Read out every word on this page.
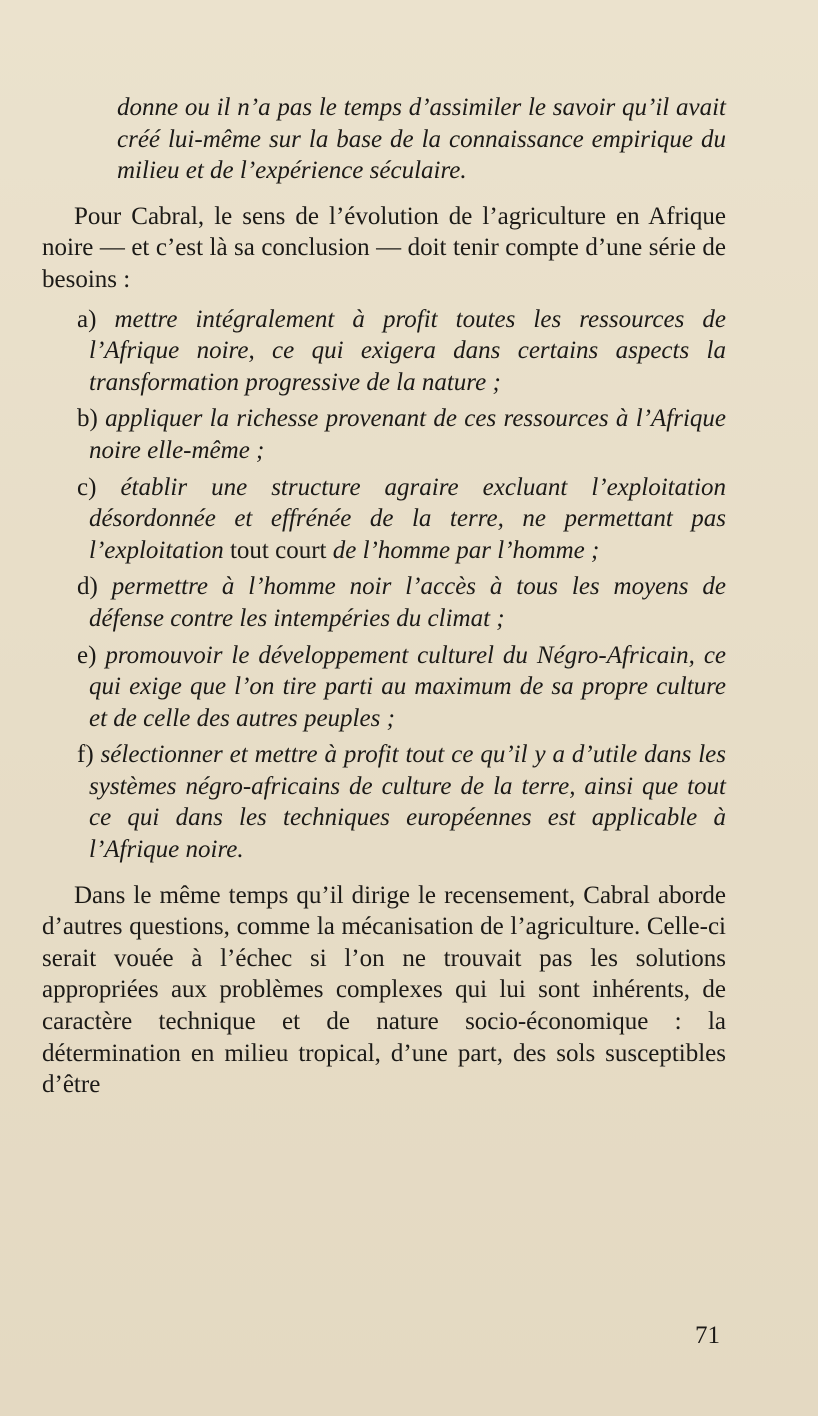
donne ou il n’a pas le temps d’assimiler le savoir qu’il avait créé lui-même sur la base de la connaissance empirique du milieu et de l’expérience séculaire.

Pour Cabral, le sens de l’évolution de l’agriculture en Afrique noire — et c’est là sa conclusion — doit tenir compte d’une série de besoins :

a) mettre intégralement à profit toutes les ressources de l’Afrique noire, ce qui exigera dans certains aspects la transformation progressive de la nature ;

b) appliquer la richesse provenant de ces ressources à l’Afrique noire elle-même ;

c) établir une structure agraire excluant l’exploitation désordonnée et effrénée de la terre, ne permettant pas l’exploitation tout court de l’homme par l’homme ;

d) permettre à l’homme noir l’accès à tous les moyens de défense contre les intempéries du climat ;

e) promouvoir le développement culturel du Négro-Africain, ce qui exige que l’on tire parti au maximum de sa propre culture et de celle des autres peuples ;

f) sélectionner et mettre à profit tout ce qu’il y a d’utile dans les systèmes négro-africains de culture de la terre, ainsi que tout ce qui dans les techniques européennes est applicable à l’Afrique noire.

Dans le même temps qu’il dirige le recensement, Cabral aborde d’autres questions, comme la mécanisation de l’agriculture. Celle-ci serait vouée à l’échec si l’on ne trouvait pas les solutions appropriées aux problèmes complexes qui lui sont inhérents, de caractère technique et de nature socio-économique : la détermination en milieu tropical, d’une part, des sols susceptibles d’être

71
